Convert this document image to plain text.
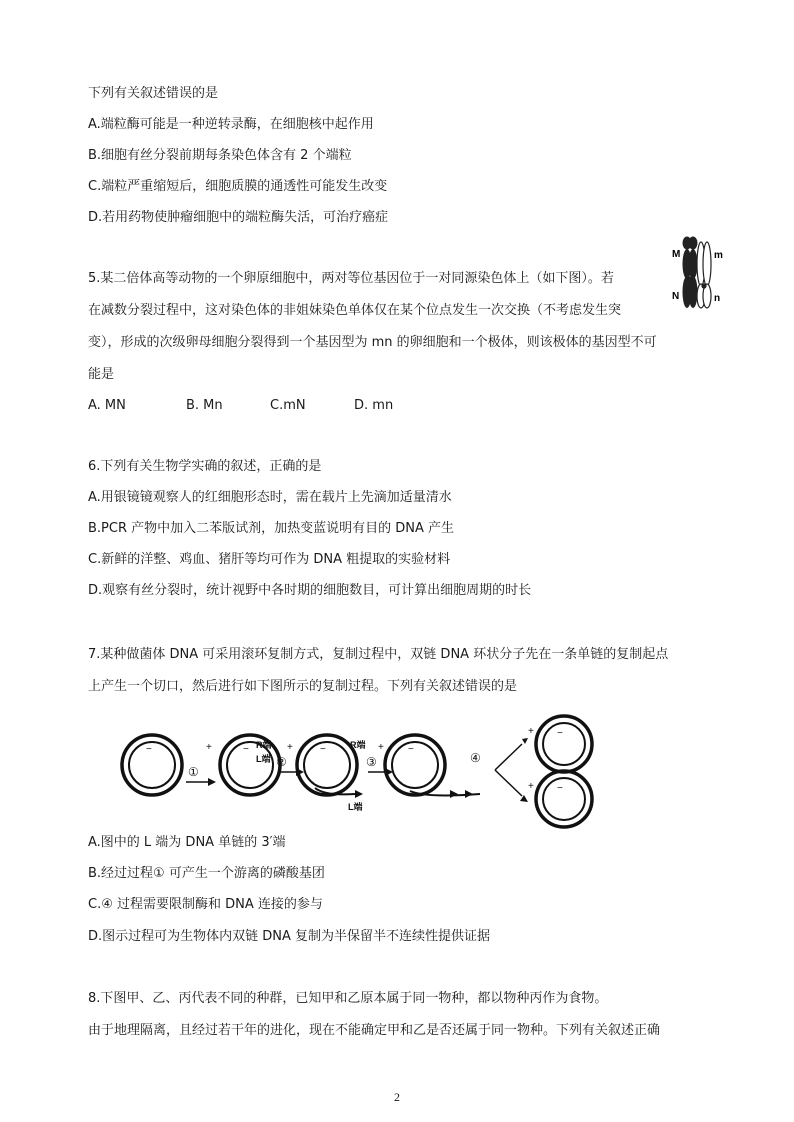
下列有关叙述错误的是
A.端粒酶可能是一种逆转录酶，在细胞核中起作用
B.细胞有丝分裂前期每条染色体含有 2 个端粒
C.端粒严重缩短后，细胞质膜的通透性可能发生改变
D.若用药物使肿瘤细胞中的端粒酶失活，可治疗癌症
5.某二倍体高等动物的一个卵原细胞中，两对等位基因位于一对同源染色体上（如下图）。若
在减数分裂过程中，这对染色体的非姐妹染色单体仅在某个位点发生一次交换（不考虑发生突
变），形成的次级卵母细胞分裂得到一个基因型为 mn 的卵细胞和一个极体，则该极体的基因型不可
能是
A. MN	B. Mn	C.mN	D. mn
M
N
m
n
6.下列有关生物学实确的叙述，正确的是
A.用银镜镜观察人的红细胞形态时，需在载片上先滴加适量清水
B.PCR 产物中加入二苯版试剂，加热变蓝说明有目的 DNA 产生
C.新鲜的洋整、鸡血、猪肝等均可作为 DNA 粗提取的实验材料
D.观察有丝分裂时，统计视野中各时期的细胞数目，可计算出细胞周期的时长
7.某种做菌体 DNA 可采用滚环复制方式，复制过程中，双链 DNA 环状分子先在一条单链的复制起点
上产生一个切口，然后进行如下图所示的复制过程。下列有关叙述错误的是
−	+	−	+	−	+ −
+ −
+ −
R端
L端
R端
L端
①
②	③	④
A.图中的 L 端为 DNA 单链的 3′端
B.经过过程① 可产生一个游离的磷酸基团
C.④ 过程需要限制酶和 DNA 连接的参与
D.图示过程可为生物体内双链 DNA 复制为半保留半不连续性提供证据
8.下图甲、乙、丙代表不同的种群，已知甲和乙原本属于同一物种，都以物种丙作为食物。
由于地理隔离，且经过若干年的进化，现在不能确定甲和乙是否还属于同一物种。下列有关叙述正确
2
